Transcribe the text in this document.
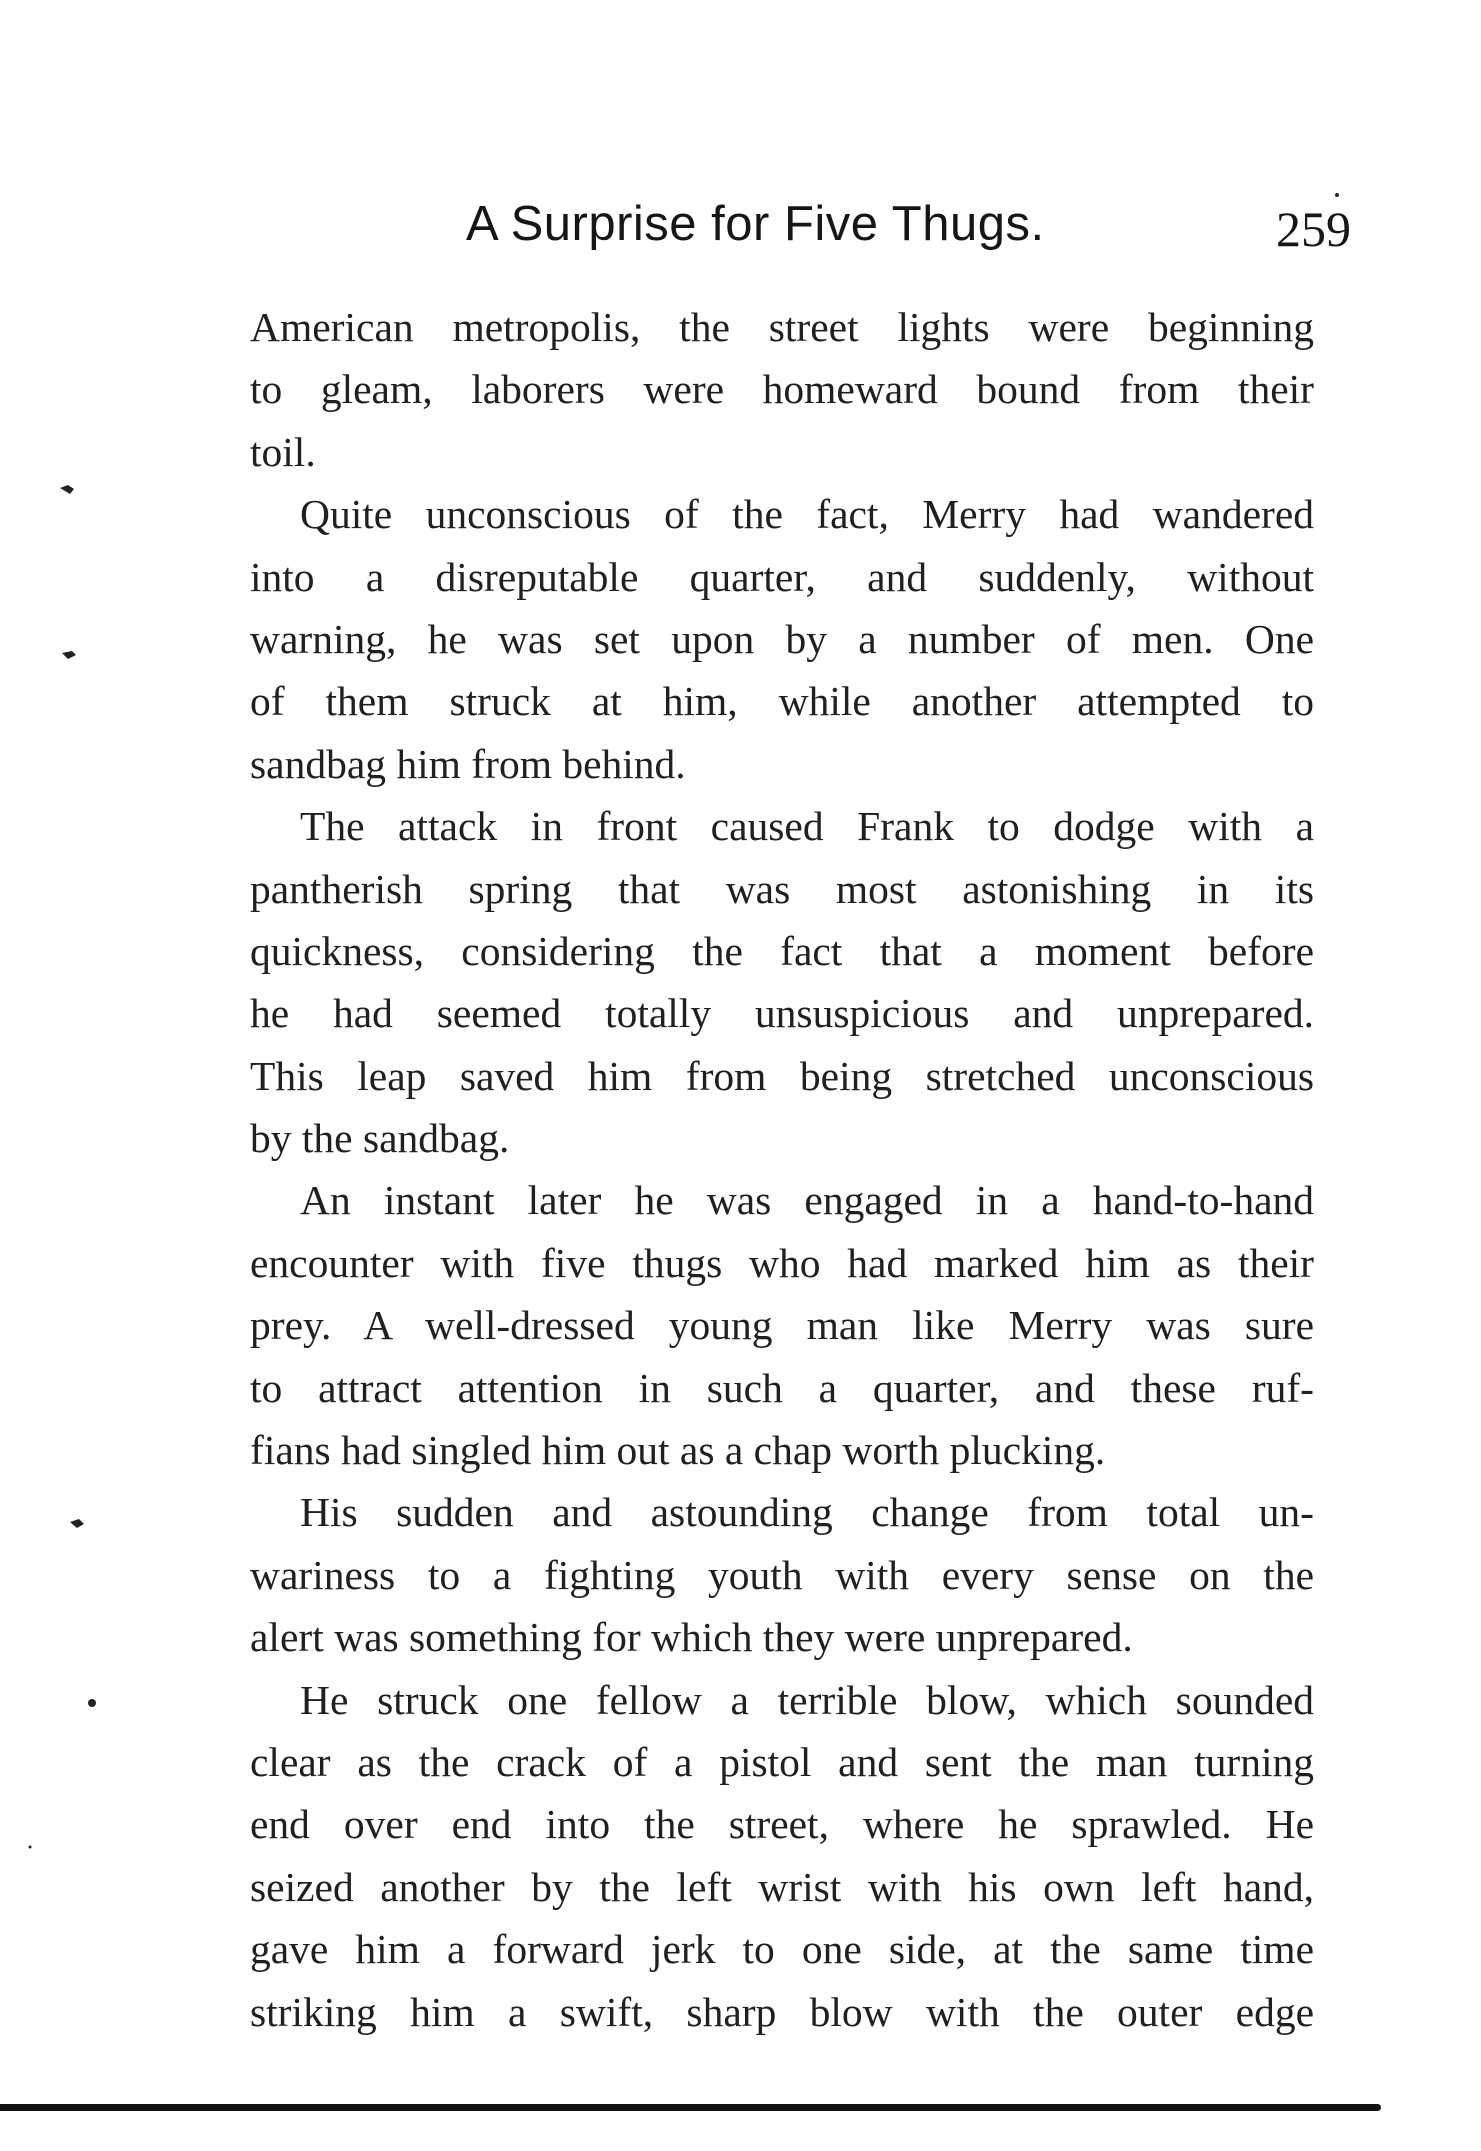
A Surprise for Five Thugs.	259
American metropolis, the street lights were beginning
to gleam, laborers were homeward bound from their
toil.
Quite unconscious of the fact, Merry had wandered
into a disreputable quarter, and suddenly, without
warning, he was set upon by a number of men. One
of them struck at him, while another attempted to
sandbag him from behind.
The attack in front caused Frank to dodge with a
pantherish spring that was most astonishing in its
quickness, considering the fact that a moment before
he had seemed totally unsuspicious and unprepared.
This leap saved him from being stretched unconscious
by the sandbag.
An instant later he was engaged in a hand-to-hand
encounter with five thugs who had marked him as their
prey. A well-dressed young man like Merry was sure
to attract attention in such a quarter, and these ruf-
fians had singled him out as a chap worth plucking.
His sudden and astounding change from total un-
wariness to a fighting youth with every sense on the
alert was something for which they were unprepared.
He struck one fellow a terrible blow, which sounded
clear as the crack of a pistol and sent the man turning
end over end into the street, where he sprawled. He
seized another by the left wrist with his own left hand,
gave him a forward jerk to one side, at the same time
striking him a swift, sharp blow with the outer edge
